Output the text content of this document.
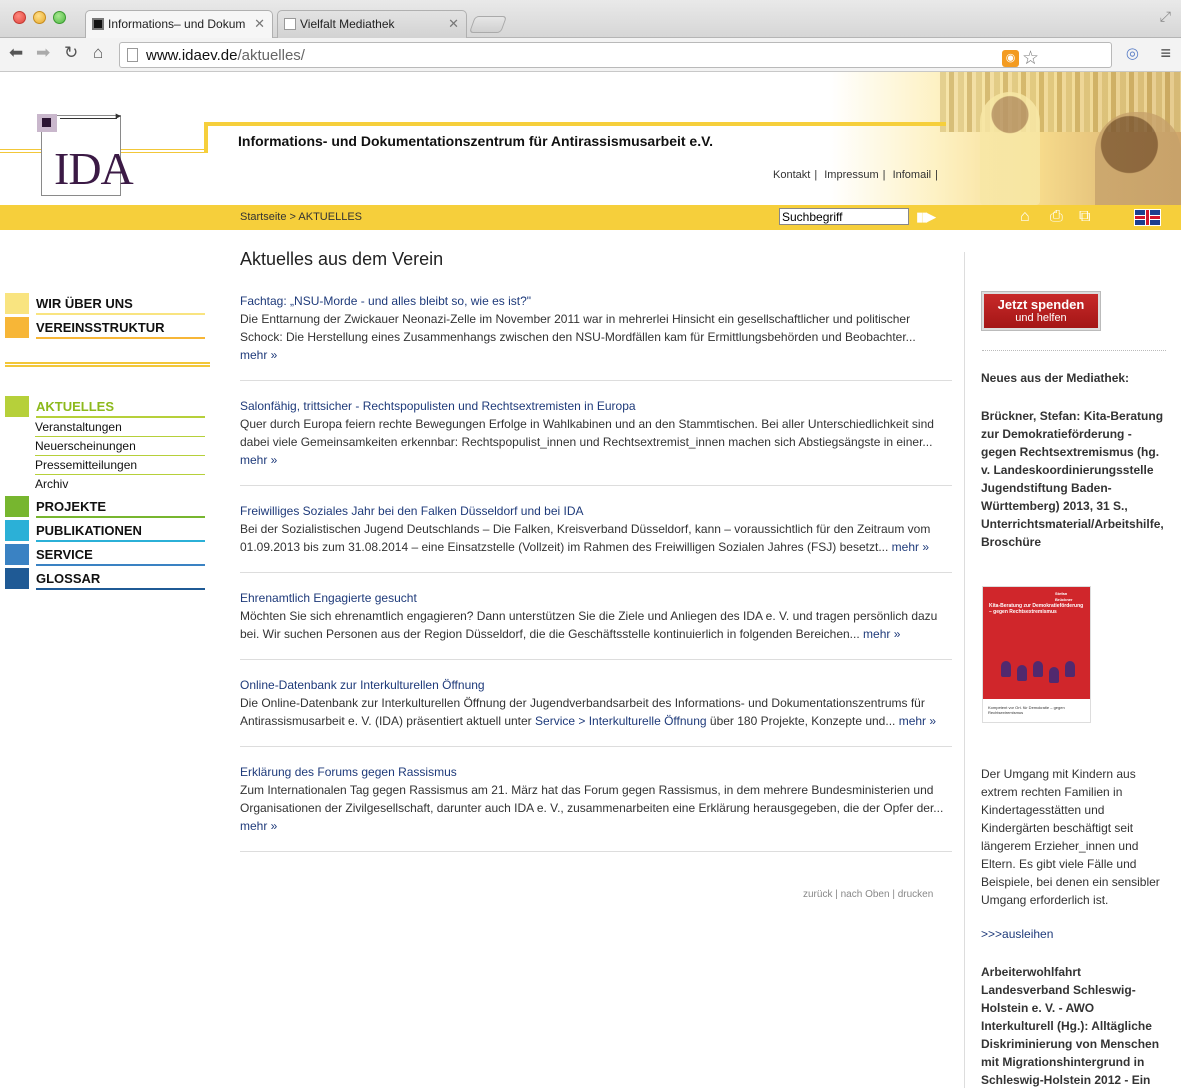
Informations– und Dokum ✕	Vielfalt Mediathek	✕	⤢
⬅ ➡ ↻ ⌂	www.idaev.de/aktuelles/	◉ ☆	◎ ≡
▶
IDA
Informations- und Dokumentationszentrum für Antirassismusarbeit e.V.
Kontakt | Impressum | Infomail |
Startseite > AKTUELLES
Suchbegriff	▮▮▶	⌂ ⎙ ⧉
WIR ÜBER UNS
VEREINSSTRUKTUR
AKTUELLES
Veranstaltungen
Neuerscheinungen
Pressemitteilungen
Archiv
PROJEKTE
PUBLIKATIONEN
SERVICE
GLOSSAR
Aktuelles aus dem Verein
Fachtag: „NSU-Morde - und alles bleibt so, wie es ist?"
Die Enttarnung der Zwickauer Neonazi-Zelle im November 2011 war in mehrerlei Hinsicht ein gesellschaftlicher und politischer Schock: Die Herstellung eines Zusammenhangs zwischen den NSU-Mordfällen kam für Ermittlungsbehörden und Beobachter...
mehr »
Salonfähig, trittsicher - Rechtspopulisten und Rechtsextremisten in Europa
Quer durch Europa feiern rechte Bewegungen Erfolge in Wahlkabinen und an den Stammtischen. Bei aller Unterschiedlichkeit sind dabei viele Gemeinsamkeiten erkennbar: Rechtspopulist_innen und Rechtsextremist_innen machen sich Abstiegsängste in einer...
mehr »
Freiwilliges Soziales Jahr bei den Falken Düsseldorf und bei IDA
Bei der Sozialistischen Jugend Deutschlands – Die Falken, Kreisverband Düsseldorf, kann – voraussichtlich für den Zeitraum vom 01.09.2013 bis zum 31.08.2014 – eine Einsatzstelle (Vollzeit) im Rahmen des Freiwilligen Sozialen Jahres (FSJ) besetzt... mehr »
Ehrenamtlich Engagierte gesucht
Möchten Sie sich ehrenamtlich engagieren? Dann unterstützen Sie die Ziele und Anliegen des IDA e. V. und tragen persönlich dazu bei. Wir suchen Personen aus der Region Düsseldorf, die die Geschäftsstelle kontinuierlich in folgenden Bereichen... mehr »
Online-Datenbank zur Interkulturellen Öffnung
Die Online-Datenbank zur Interkulturellen Öffnung der Jugendverbandsarbeit des Informations- und Dokumentationszentrums für Antirassismusarbeit e. V. (IDA) präsentiert aktuell unter Service > Interkulturelle Öffnung über 180 Projekte, Konzepte und... mehr »
Erklärung des Forums gegen Rassismus
Zum Internationalen Tag gegen Rassismus am 21. März hat das Forum gegen Rassismus, in dem mehrere Bundesministerien und Organisationen der Zivilgesellschaft, darunter auch IDA e. V., zusammenarbeiten eine Erklärung herausgegeben, die der Opfer der... mehr »
zurück | nach Oben | drucken
Jetzt spenden
und helfen
Neues aus der Mediathek:
Brückner, Stefan: Kita-Beratung zur Demokratieförderung - gegen Rechtsextremismus (hg. v. Landeskoordinierungsstelle Jugendstiftung Baden-Württemberg) 2013, 31 S., Unterrichtsmaterial/Arbeitshilfe, Broschüre
Stefan Brückner
Kita-Beratung zur Demokratieförderung – gegen Rechtsextremismus
Kompetent vor Ort. für Demokratie – gegen Rechtsextremismus
Der Umgang mit Kindern aus extrem rechten Familien in Kindertagesstätten und Kindergärten beschäftigt seit längerem Erzieher_innen und Eltern. Es gibt viele Fälle und Beispiele, bei denen ein sensibler Umgang erforderlich ist.
>>>ausleihen
Arbeiterwohlfahrt Landesverband Schleswig-Holstein e. V. - AWO Interkulturell (Hg.): Alltägliche Diskriminierung von Menschen mit Migrationshintergrund in Schleswig-Holstein 2012 - Ein
